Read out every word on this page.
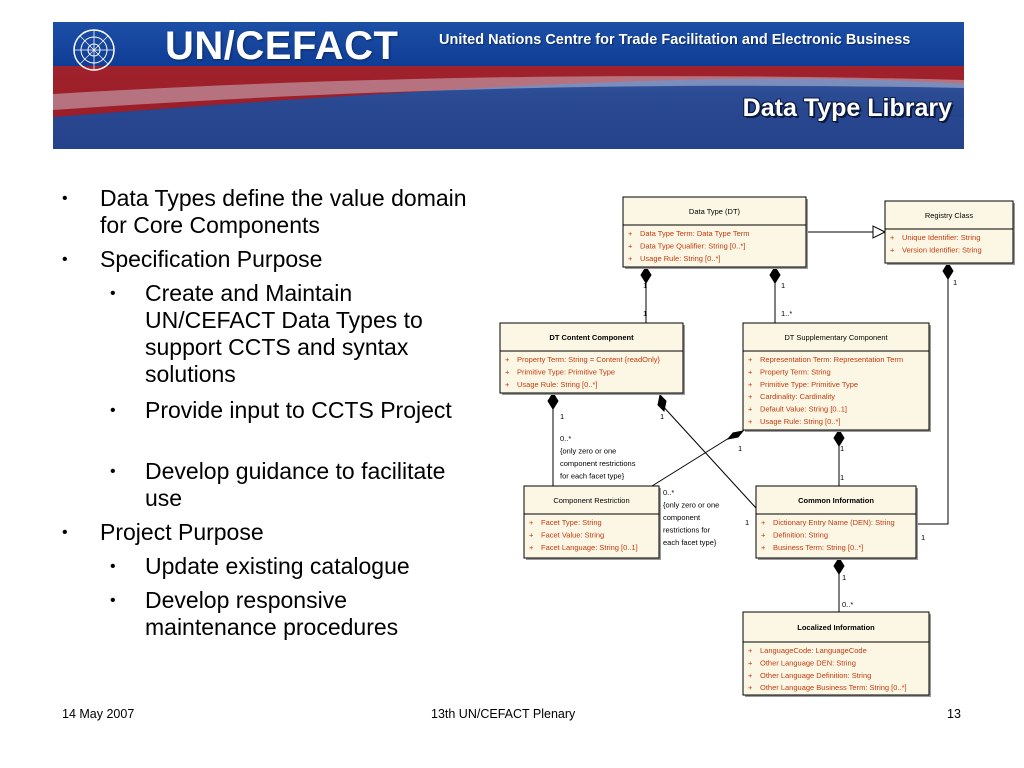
UN/CEFACT	United Nations Centre for Trade Facilitation and Electronic Business
Data Type Library
• Data Types define the value domain for Core Components
• Specification Purpose
• Create and Maintain UN/CEFACT Data Types to support CCTS and syntax solutions
• Provide input to CCTS Project
• Develop guidance to facilitate use
• Project Purpose
• Update existing catalogue
• Develop responsive maintenance procedures
Data Type (DT)
+ Data Type Term: Data Type Term
+ Data Type Qualifier: String [0..*]
+ Usage Rule: String [0..*]
Registry Class
+ Unique Identifier: String
+ Version Identifier: String
DT Content Component
+ Property Term: String = Content {readOnly}
+ Primitive Type: Primitive Type
+ Usage Rule: String [0..*]
DT Supplementary Component
+ Representation Term: Representation Term
+ Property Term: String
+ Primitive Type: Primitive Type
+ Cardinality: Cardinality
+ Default Value: String [0..1]
+ Usage Rule: String [0..*]
Component Restriction
+ Facet Type: String
+ Facet Value: String
+ Facet Language: String [0..1]
Common Information
+ Dictionary Entry Name (DEN): String
+ Definition: String
+ Business Term: String [0..*]
Localized Information
+ LanguageCode: LanguageCode
+ Other Language DEN: String
+ Other Language Definition: String
+ Other Language Business Term: String [0..*]
1
1
1
1..*
1
1
1	1
1	1
1
1
1
0..*
0..*
{only zero or one
component restrictions
for each facet type}
0..*
{only zero or one
component
restrictions for
each facet type}
14 May 2007	13th UN/CEFACT Plenary	13
